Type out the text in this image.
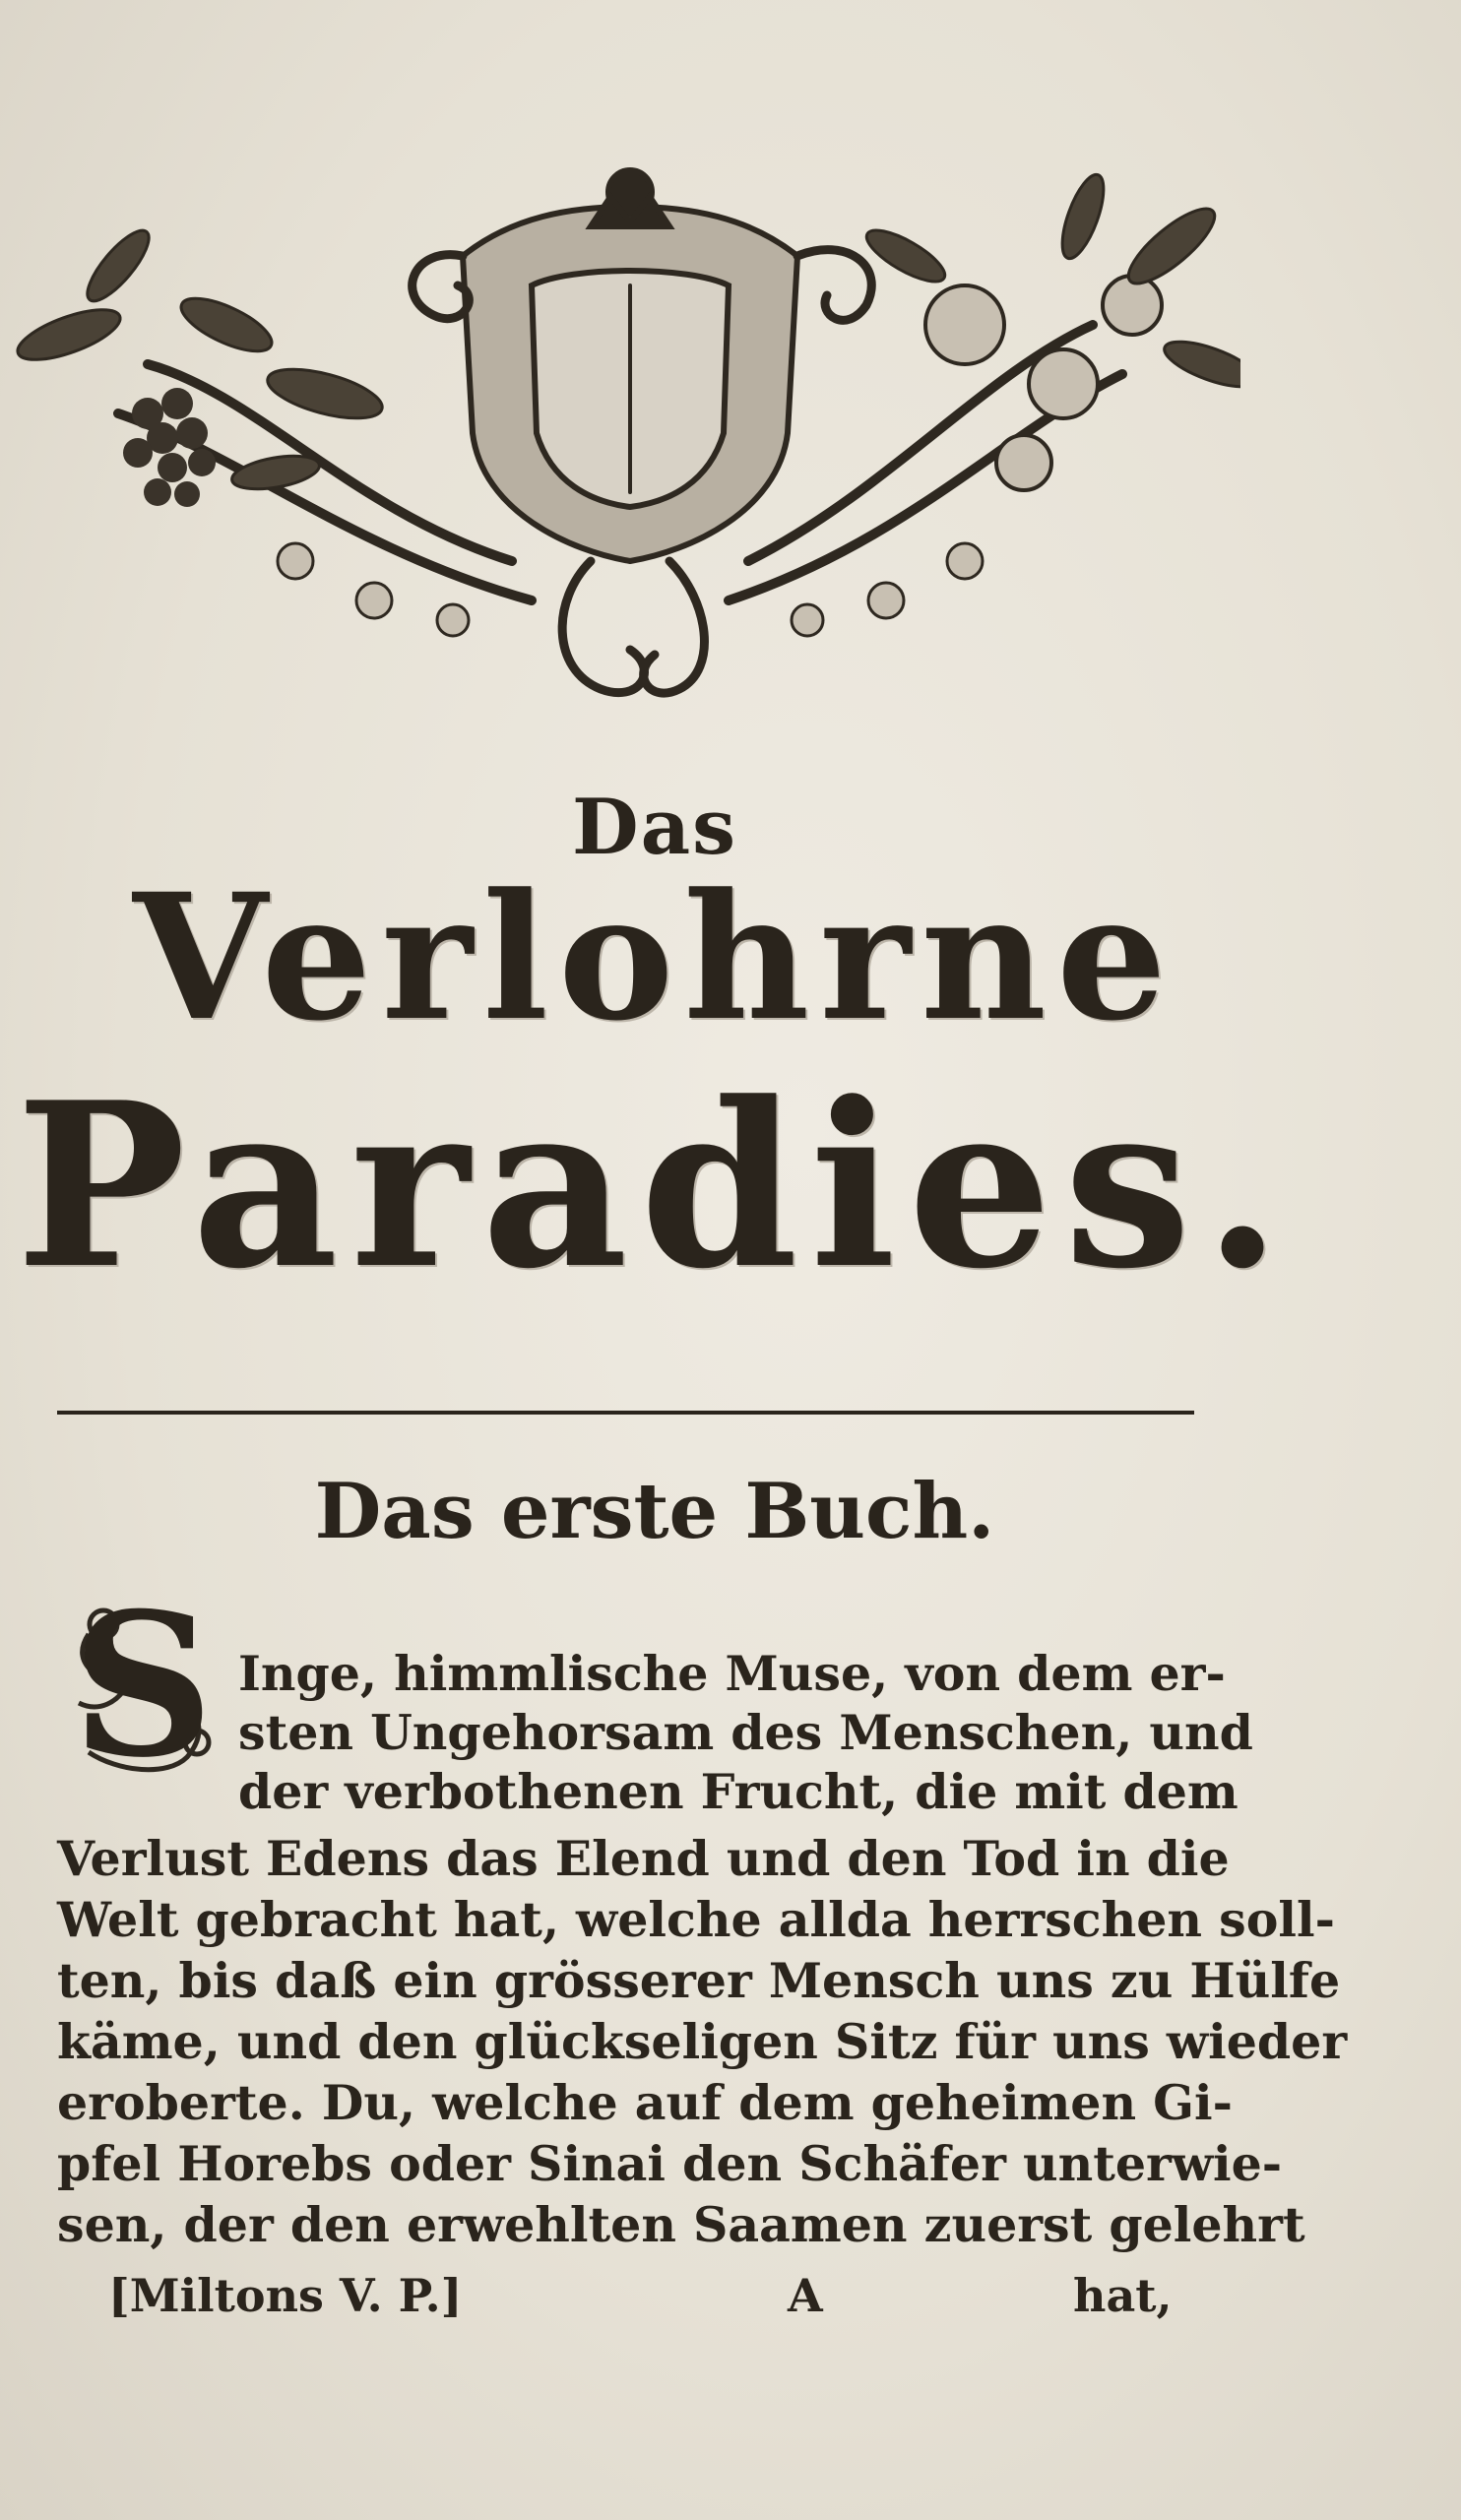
Das
Verlohrne
Paradies.
Das erste Buch.
S Inge, himmlische Muse, von dem er-
sten Ungehorsam des Menschen, und
der verbothenen Frucht, die mit dem
Verlust Edens das Elend und den Tod in die
Welt gebracht hat, welche allda herrschen soll-
ten, bis daß ein grösserer Mensch uns zu Hülfe
käme, und den glückseligen Sitz für uns wieder
eroberte. Du, welche auf dem geheimen Gi-
pfel Horebs oder Sinai den Schäfer unterwie-
sen, der den erwehlten Saamen zuerst gelehrt
[Miltons V. P.]	A	hat,
